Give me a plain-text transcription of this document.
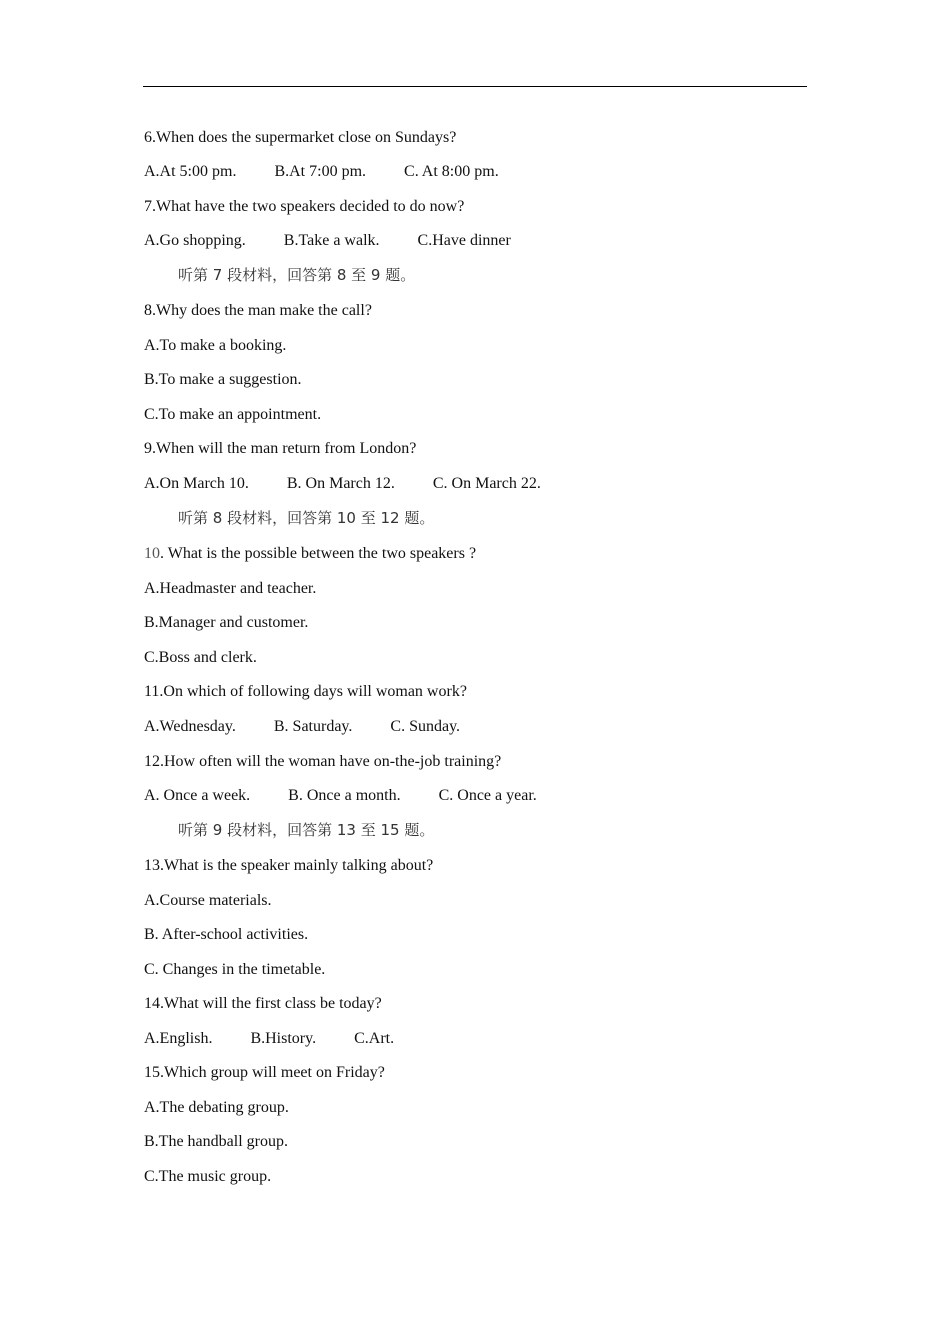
6.When does the supermarket close on Sundays?
A.At 5:00 pm. B.At 7:00 pm. C. At 8:00 pm.
7.What have the two speakers decided to do now?
A.Go shopping. B.Take a walk. C.Have dinner
听第 7 段材料，回答第 8 至 9 题。
8.Why does the man make the call?
A.To make a booking.
B.To make a suggestion.
C.To make an appointment.
9.When will the man return from London?
A.On March 10. B. On March 12. C. On March 22.
听第 8 段材料，回答第 10 至 12 题。
10. What is the possible between the two speakers ?
A.Headmaster and teacher.
B.Manager and customer.
C.Boss and clerk.
11.On which of following days will woman work?
A.Wednesday. B. Saturday. C. Sunday.
12.How often will the woman have on-the-job training?
A. Once a week. B. Once a month. C. Once a year.
听第 9 段材料，回答第 13 至 15 题。
13.What is the speaker mainly talking about?
A.Course materials.
B. After-school activities.
C. Changes in the timetable.
14.What will the first class be today?
A.English. B.History. C.Art.
15.Which group will meet on Friday?
A.The debating group.
B.The handball group.
C.The music group.
